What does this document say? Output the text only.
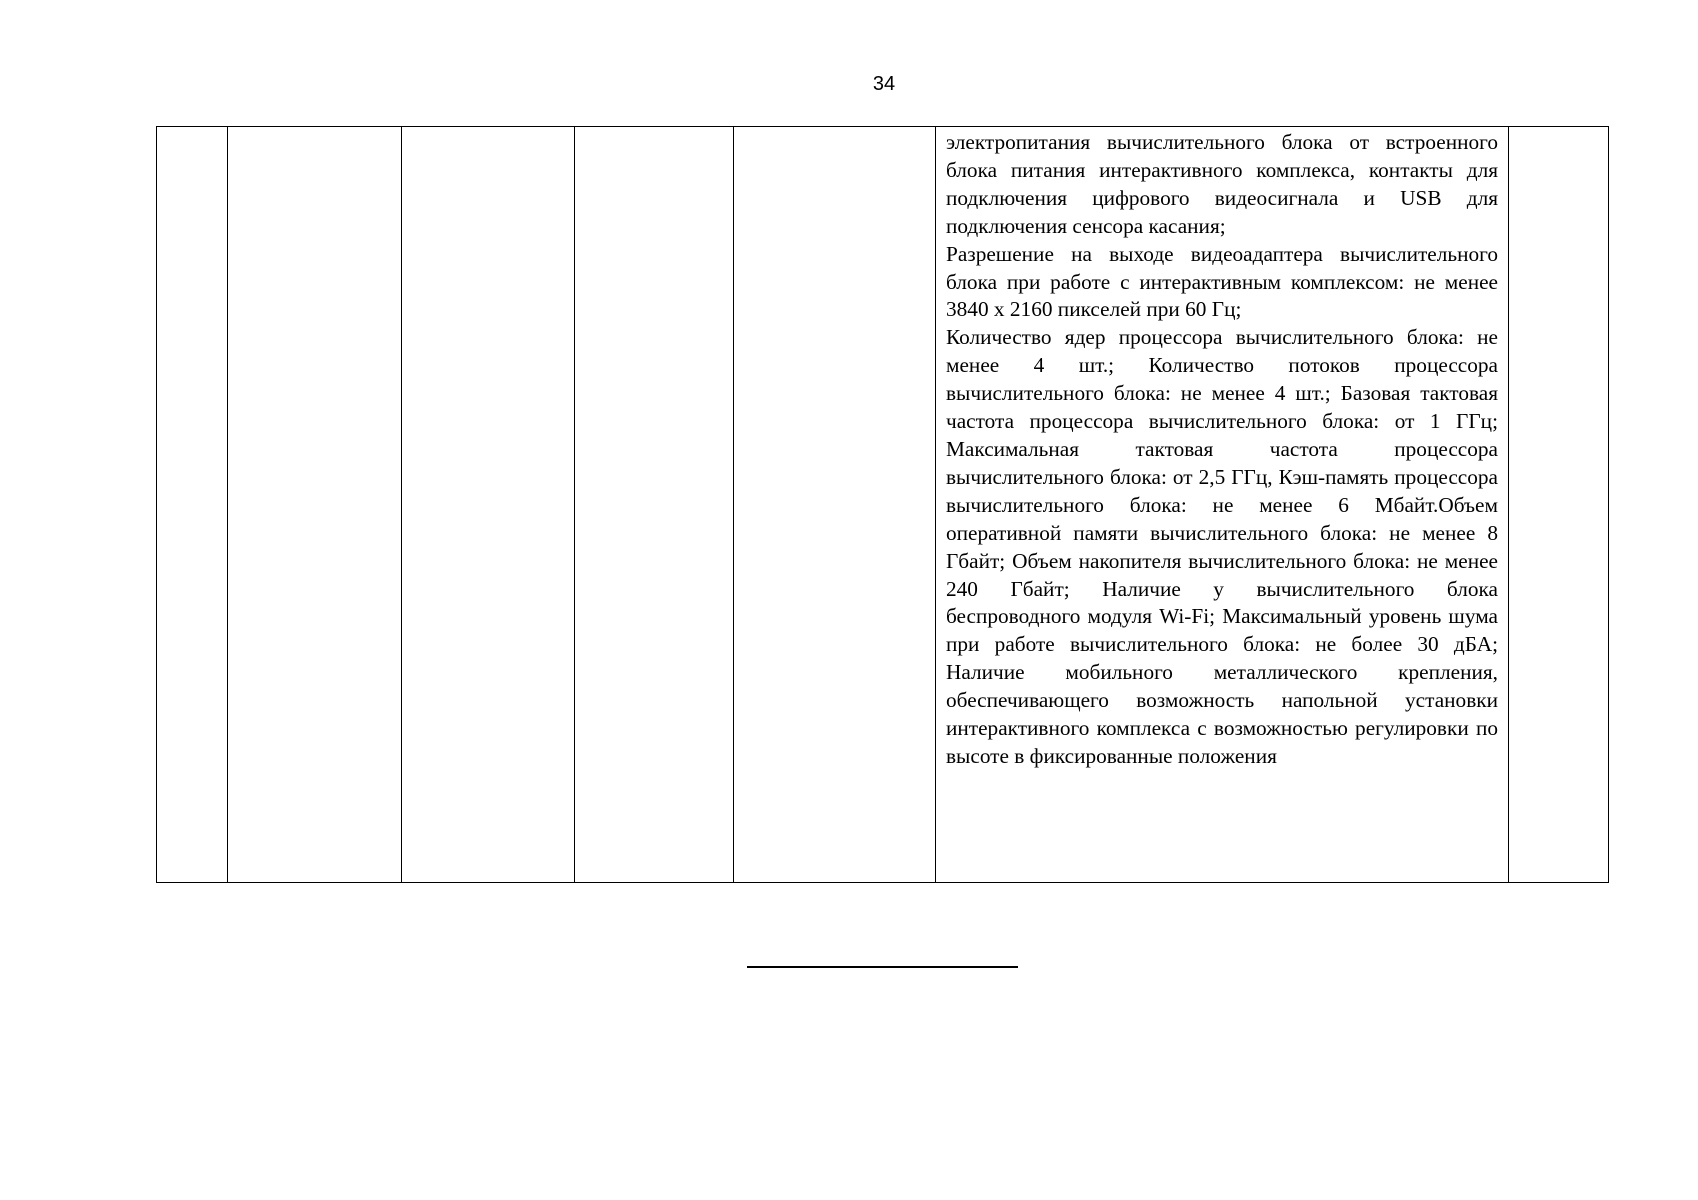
34

электропитания вычислительного блока от встроенного блока питания интерактивного комплекса, контакты для подключения цифрового видеосигнала и USB для подключения сенсора касания;
Разрешение на выходе видеоадаптера вычислительного блока при работе с интерактивным комплексом: не менее 3840 x 2160 пикселей при 60 Гц;
Количество ядер процессора вычислительного блока: не менее 4 шт.; Количество потоков процессора вычислительного блока: не менее 4 шт.; Базовая тактовая частота процессора вычислительного блока: от 1 ГГц; Максимальная тактовая частота процессора вычислительного блока: от 2,5 ГГц, Кэш-память процессора вычислительного блока: не менее 6 Мбайт.Объем оперативной памяти вычислительного блока: не менее 8 Гбайт; Объем накопителя вычислительного блока: не менее 240 Гбайт; Наличие у вычислительного блока беспроводного модуля Wi-Fi; Максимальный уровень шума при работе вычислительного блока: не более 30 дБА; Наличие мобильного металлического крепления, обеспечивающего возможность напольной установки интерактивного комплекса с возможностью регулировки по высоте в фиксированные положения
